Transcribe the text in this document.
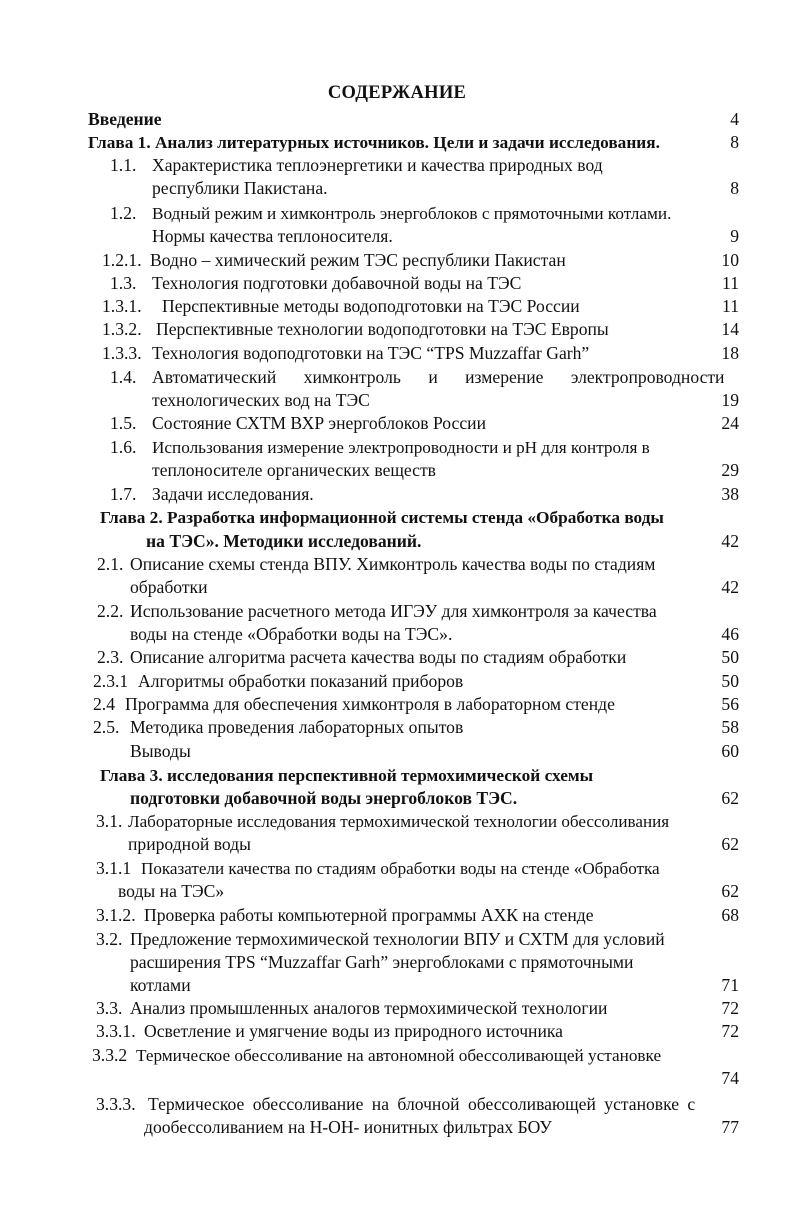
СОДЕРЖАНИЕ
Введение	4
Глава 1. Анализ литературных источников. Цели и задачи исследования.	8
1.1. Характеристика теплоэнергетики и качества природных вод
республики Пакистана.	8
1.2. Водный режим и химконтроль энергоблоков с прямоточными котлами.
Нормы качества теплоносителя.	9
1.2.1. Водно – химический режим ТЭС республики Пакистан	10
1.3. Технология подготовки добавочной воды на ТЭС	11
1.3.1. Перспективные методы водоподготовки на ТЭС России	11
1.3.2. Перспективные технологии водоподготовки на ТЭС Европы	14
1.3.3. Технология водоподготовки на ТЭС “TPS Muzzaffar Garh”	18
1.4. Автоматический химконтроль и измерение электропроводности
технологических вод на ТЭС	19
1.5. Состояние СХТМ ВХР энергоблоков России	24
1.6. Использования измерение электропроводности и pH для контроля в
теплоносителе органических веществ	29
1.7. Задачи исследования.	38
Глава 2. Разработка информационной системы стенда «Обработка воды
на ТЭС». Методики исследований.	42
2.1. Описание схемы стенда ВПУ. Химконтроль качества воды по стадиям
обработки	42
2.2. Использование расчетного метода ИГЭУ для химконтроля за качества
воды на стенде «Обработки воды на ТЭС».	46
2.3. Описание алгоритма расчета качества воды по стадиям обработки	50
2.3.1 Алгоритмы обработки показаний приборов	50
2.4 Программа для обеспечения химконтроля в лабораторном стенде	56
2.5. Методика проведения лабораторных опытов	58
Выводы	60
Глава 3. исследования перспективной термохимической схемы
подготовки добавочной воды энергоблоков ТЭС.	62
3.1. Лабораторные исследования термохимической технологии обессоливания
природной воды	62
3.1.1 Показатели качества по стадиям обработки воды на стенде «Обработка
воды на ТЭС»	62
3.1.2. Проверка работы компьютерной программы АХК на стенде	68
3.2. Предложение термохимической технологии ВПУ и СХТМ для условий
расширения TPS “Muzzaffar Garh” энергоблоками с прямоточными
котлами	71
3.3. Анализ промышленных аналогов термохимической технологии	72
3.3.1. Осветление и умягчение воды из природного источника	72
3.3.2 Термическое обессоливание на автономной обессоливающей установке
74
3.3.3. Термическое обессоливание на блочной обессоливающей установке с
дообессоливанием на Н-ОН- ионитных фильтрах БОУ	77
